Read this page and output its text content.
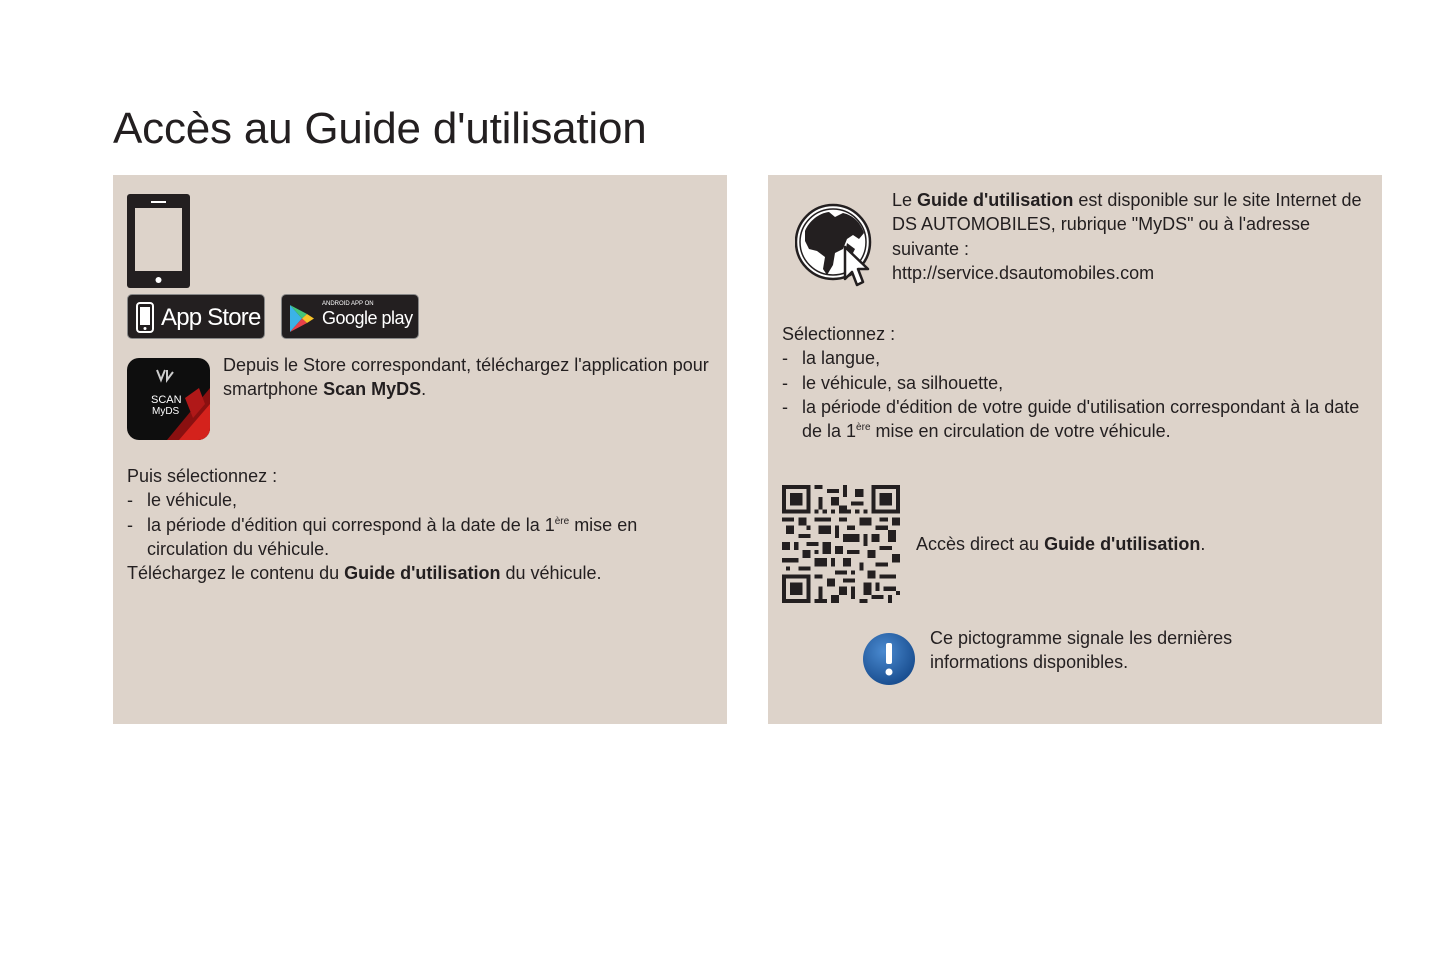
Accès au Guide d'utilisation
App Store	ANDROID APP ON
Google play
SCAN
MyDS

Depuis le Store correspondant, téléchargez l'application pour smartphone Scan MyDS.

Puis sélectionnez :
- le véhicule,
- la période d'édition qui correspond à la date de la 1ère mise en circulation du véhicule.
Téléchargez le contenu du Guide d'utilisation du véhicule.

Le Guide d'utilisation est disponible sur le site Internet de DS AUTOMOBILES, rubrique "MyDS" ou à l'adresse suivante :

http://service.dsautomobiles.com

Sélectionnez :
- la langue,
- le véhicule, sa silhouette,
- la période d'édition de votre guide d'utilisation correspondant à la date de la 1ère mise en circulation de votre véhicule.

Accès direct au Guide d'utilisation.

Ce pictogramme signale les dernières informations disponibles.
